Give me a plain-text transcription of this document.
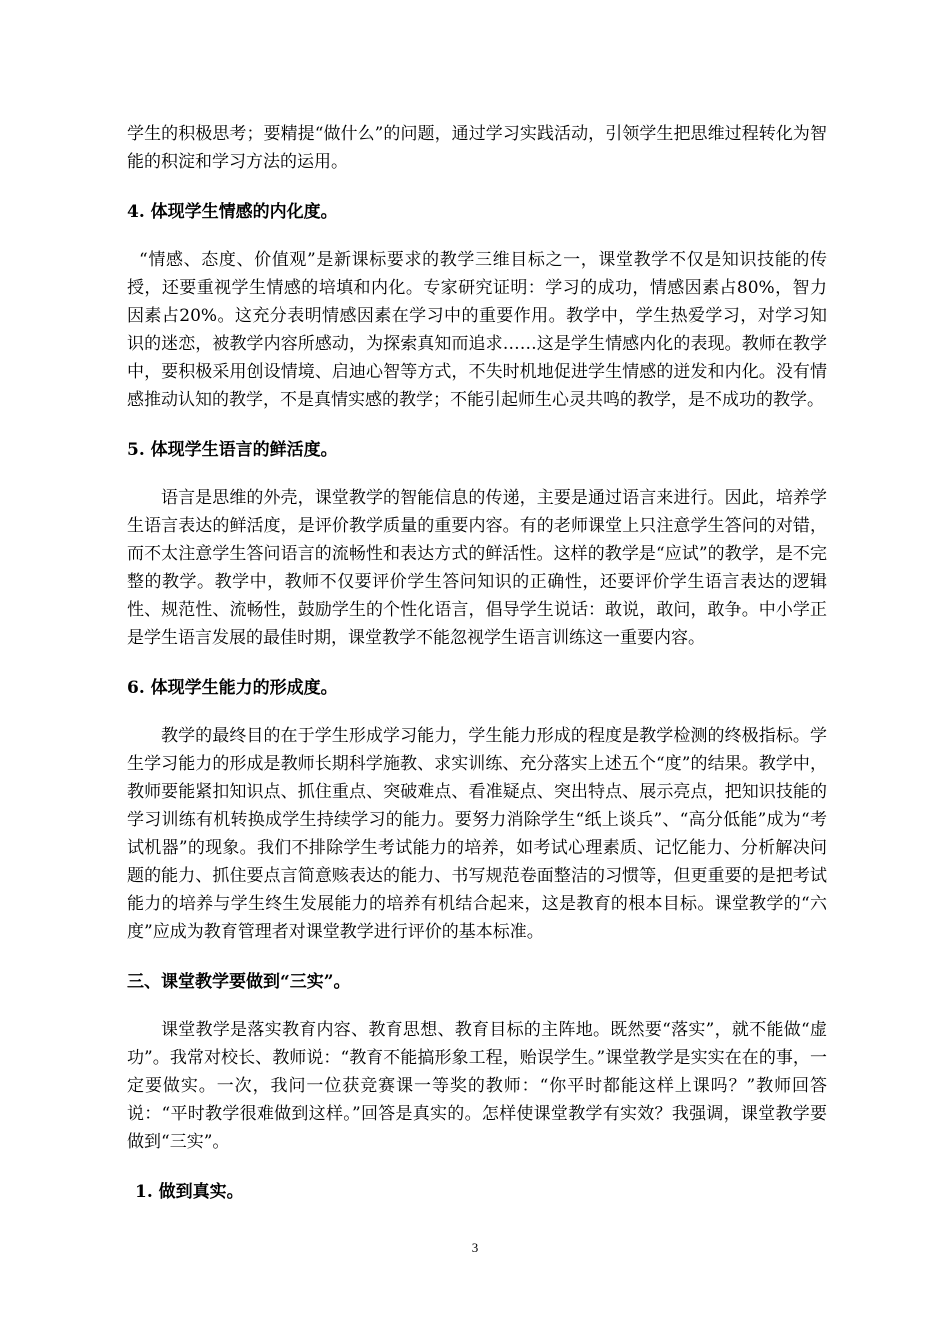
学生的积极思考；要精提“做什么”的问题，通过学习实践活动，引领学生把思维过程转化为智能的积淀和学习方法的运用。

4. 体现学生情感的内化度。

“情感、态度、价值观”是新课标要求的教学三维目标之一，课堂教学不仅是知识技能的传授，还要重视学生情感的培填和内化。专家研究证明：学习的成功，情感因素占80%，智力因素占20%。这充分表明情感因素在学习中的重要作用。教学中，学生热爱学习，对学习知识的迷恋，被教学内容所感动，为探索真知而追求……这是学生情感内化的表现。教师在教学中，要积极采用创设情境、启迪心智等方式，不失时机地促进学生情感的迸发和内化。没有情感推动认知的教学，不是真情实感的教学；不能引起师生心灵共鸣的教学，是不成功的教学。

5. 体现学生语言的鲜活度。

语言是思维的外壳，课堂教学的智能信息的传递，主要是通过语言来进行。因此，培养学生语言表达的鲜活度，是评价教学质量的重要内容。有的老师课堂上只注意学生答问的对错，而不太注意学生答问语言的流畅性和表达方式的鲜活性。这样的教学是“应试”的教学，是不完整的教学。教学中，教师不仅要评价学生答问知识的正确性，还要评价学生语言表达的逻辑性、规范性、流畅性，鼓励学生的个性化语言，倡导学生说话：敢说，敢问，敢争。中小学正是学生语言发展的最佳时期，课堂教学不能忽视学生语言训练这一重要内容。

6. 体现学生能力的形成度。

教学的最终目的在于学生形成学习能力，学生能力形成的程度是教学检测的终极指标。学生学习能力的形成是教师长期科学施教、求实训练、充分落实上述五个“度”的结果。教学中，教师要能紧扣知识点、抓住重点、突破难点、看准疑点、突出特点、展示亮点，把知识技能的学习训练有机转换成学生持续学习的能力。要努力消除学生“纸上谈兵”、“高分低能”成为“考试机器”的现象。我们不排除学生考试能力的培养，如考试心理素质、记忆能力、分析解决问题的能力、抓住要点言简意赅表达的能力、书写规范卷面整洁的习惯等，但更重要的是把考试能力的培养与学生终生发展能力的培养有机结合起来，这是教育的根本目标。课堂教学的“六度”应成为教育管理者对课堂教学进行评价的基本标准。

三、课堂教学要做到“三实”。

课堂教学是落实教育内容、教育思想、教育目标的主阵地。既然要“落实”，就不能做“虚功”。我常对校长、教师说：“教育不能搞形象工程，贻误学生。”课堂教学是实实在在的事，一定要做实。一次，我问一位获竞赛课一等奖的教师：“你平时都能这样上课吗？”教师回答说：“平时教学很难做到这样。”回答是真实的。怎样使课堂教学有实效？我强调，课堂教学要做到“三实”。

1. 做到真实。

3
